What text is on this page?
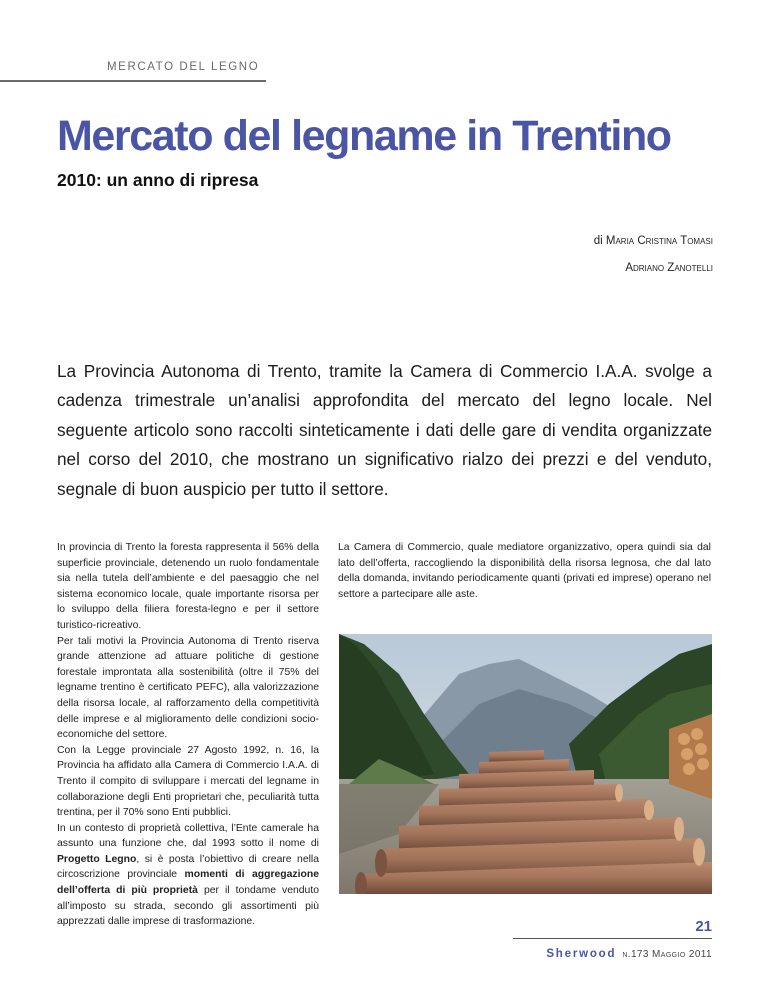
MERCATO DEL LEGNO
Mercato del legname in Trentino
2010: un anno di ripresa
di Maria Cristina Tomasi
Adriano Zanotelli

La Provincia Autonoma di Trento, tramite la Camera di Commercio I.A.A. svolge a cadenza trimestrale un’analisi approfondita del mercato del legno locale. Nel seguente articolo sono raccolti sinteticamente i dati delle gare di vendita organizzate nel corso del 2010, che mostrano un significativo rialzo dei prezzi e del venduto, segnale di buon auspicio per tutto il settore.

In provincia di Trento la foresta rappresenta il 56% della superficie provinciale, detenendo un ruolo fondamentale sia nella tutela dell’ambiente e del paesaggio che nel sistema economico locale, quale importante risorsa per lo sviluppo della filiera foresta-legno e per il settore turistico-ricreativo.

Per tali motivi la Provincia Autonoma di Trento riserva grande attenzione ad attuare politiche di gestione forestale improntata alla sostenibilità (oltre il 75% del legname trentino è certificato PEFC), alla valorizzazione della risorsa locale, al rafforzamento della competitività delle imprese e al miglioramento delle condizioni socio-economiche del settore.

Con la Legge provinciale 27 Agosto 1992, n. 16, la Provincia ha affidato alla Camera di Commercio I.A.A. di Trento il compito di sviluppare i mercati del legname in collaborazione degli Enti proprietari che, peculiarità tutta trentina, per il 70% sono Enti pubblici.

In un contesto di proprietà collettiva, l’Ente camerale ha assunto una funzione che, dal 1993 sotto il nome di Progetto Legno, si è posta l’obiettivo di creare nella circoscrizione provinciale momenti di aggregazione dell’offerta di più proprietà per il tondame venduto all’imposto su strada, secondo gli assortimenti più apprezzati dalle imprese di trasformazione.

La Camera di Commercio, quale mediatore organizzativo, opera quindi sia dal lato dell’offerta, raccogliendo la disponibilità della risorsa legnosa, che dal lato della domanda, invitando periodicamente quanti (privati ed imprese) operano nel settore a partecipare alle aste.

21
Sherwood n.173 Maggio 2011
